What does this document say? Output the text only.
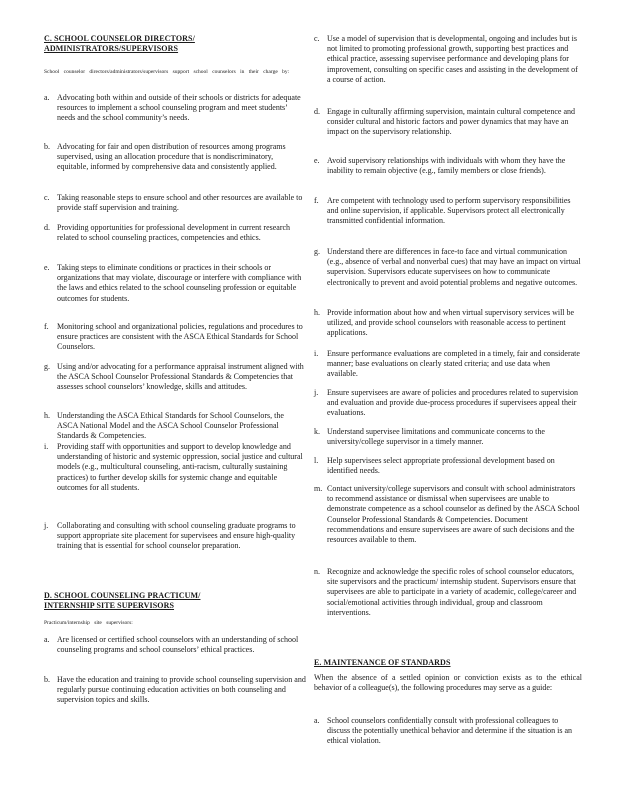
C. SCHOOL COUNSELOR DIRECTORS/
ADMINISTRATORS/SUPERVISORS
School counselor directors/administrators/supervisors support school counselors in their charge by:
a. Advocating both within and outside of their schools or districts for adequate resources to implement a school counseling program and meet students’ needs and the school community’s needs.
b. Advocating for fair and open distribution of resources among programs supervised, using an allocation procedure that is nondiscriminatory, equitable, informed by comprehensive data and consistently applied.
c. Taking reasonable steps to ensure school and other resources are available to provide staff supervision and training.
d. Providing opportunities for professional development in current research related to school counseling practices, competencies and ethics.
e. Taking steps to eliminate conditions or practices in their schools or organizations that may violate, discourage or interfere with compliance with the laws and ethics related to the school counseling profession or equitable outcomes for students.
f. Monitoring school and organizational policies, regulations and procedures to ensure practices are consistent with the ASCA Ethical Standards for School Counselors.
g. Using and/or advocating for a performance appraisal instrument aligned with the ASCA School Counselor Professional Standards & Competencies that assesses school counselors’ knowledge, skills and attitudes.
h. Understanding the ASCA Ethical Standards for School Counselors, the ASCA National Model and the ASCA School Counselor Professional Standards & Competencies.
i. Providing staff with opportunities and support to develop knowledge and understanding of historic and systemic oppression, social justice and cultural models (e.g., multicultural counseling, anti-racism, culturally sustaining practices) to further develop skills for systemic change and equitable outcomes for all students.
j. Collaborating and consulting with school counseling graduate programs to support appropriate site placement for supervisees and ensure high-quality training that is essential for school counselor preparation.
D. SCHOOL COUNSELING PRACTICUM/
INTERNSHIP SITE SUPERVISORS
Practicum/internship site supervisors:
a. Are licensed or certified school counselors with an understanding of school counseling programs and school counselors’ ethical practices.
b. Have the education and training to provide school counseling supervision and regularly pursue continuing education activities on both counseling and supervision topics and skills.
c. Use a model of supervision that is developmental, ongoing and includes but is not limited to promoting professional growth, supporting best practices and ethical practice, assessing supervisee performance and developing plans for improvement, consulting on specific cases and assisting in the development of a course of action.
d. Engage in culturally affirming supervision, maintain cultural competence and consider cultural and historic factors and power dynamics that may have an impact on the supervisory relationship.
e. Avoid supervisory relationships with individuals with whom they have the inability to remain objective (e.g., family members or close friends).
f. Are competent with technology used to perform supervisory responsibilities and online supervision, if applicable. Supervisors protect all electronically transmitted confidential information.
g. Understand there are differences in face-to face and virtual communication (e.g., absence of verbal and nonverbal cues) that may have an impact on virtual supervision. Supervisors educate supervisees on how to communicate electronically to prevent and avoid potential problems and negative outcomes.
h. Provide information about how and when virtual supervisory services will be utilized, and provide school counselors with reasonable access to pertinent applications.
i. Ensure performance evaluations are completed in a timely, fair and considerate manner; base evaluations on clearly stated criteria; and use data when available.
j. Ensure supervisees are aware of policies and procedures related to supervision and evaluation and provide due-process procedures if supervisees appeal their evaluations.
k. Understand supervisee limitations and communicate concerns to the university/college supervisor in a timely manner.
l. Help supervisees select appropriate professional development based on identified needs.
m. Contact university/college supervisors and consult with school administrators to recommend assistance or dismissal when supervisees are unable to demonstrate competence as a school counselor as defined by the ASCA School Counselor Professional Standards & Competencies. Document recommendations and ensure supervisees are aware of such decisions and the resources available to them.
n. Recognize and acknowledge the specific roles of school counselor educators, site supervisors and the practicum/ internship student. Supervisors ensure that supervisees are able to participate in a variety of academic, college/career and social/emotional activities through individual, group and classroom interventions.
E. MAINTENANCE OF STANDARDS
When the absence of a settled opinion or conviction exists as to the ethical behavior of a colleague(s), the following procedures may serve as a guide:
a. School counselors confidentially consult with professional colleagues to discuss the potentially unethical behavior and determine if the situation is an ethical violation.
